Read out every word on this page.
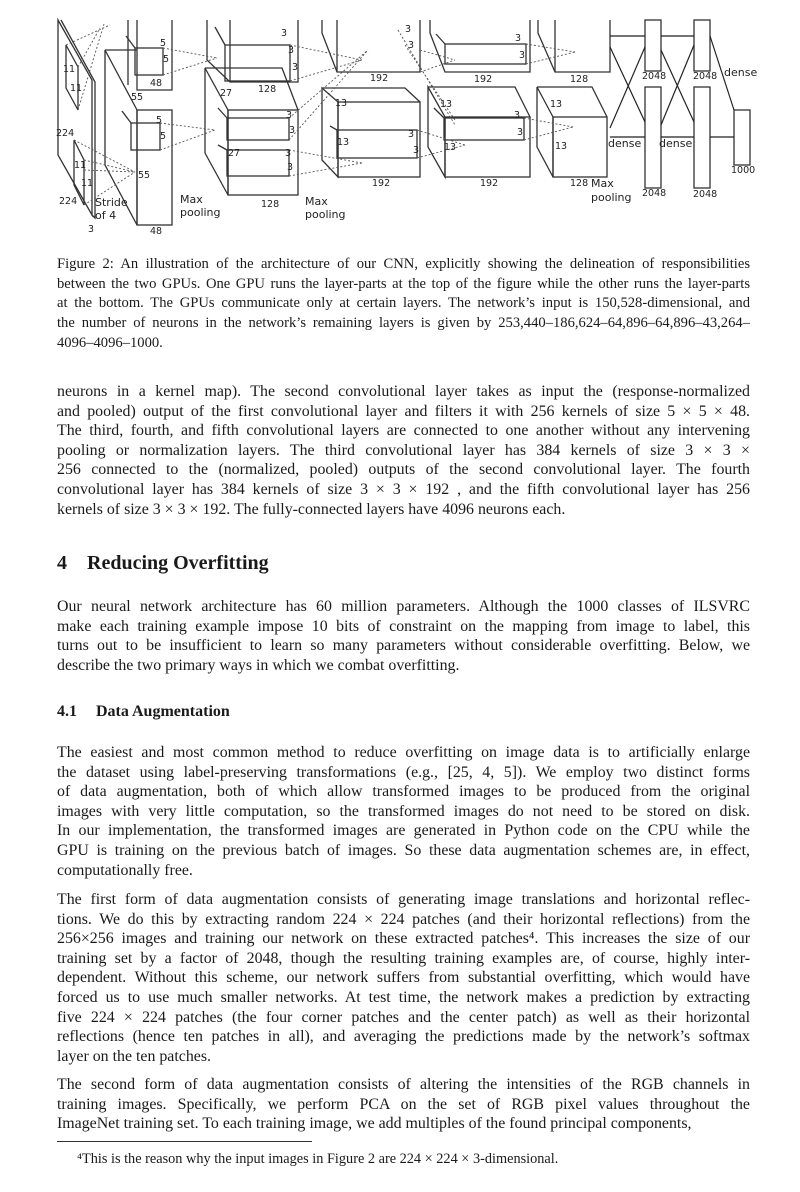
11
11
224
11
11
224 Stride
of 4
3
5
5
48
55
5
5
55
48
Max
pooling
27	128
3
3
3
3
3
27	3
3
128 Max
pooling
3
3
192
13
13
3
3
192
3
3
192	128	2048	2048 dense
13	13
3
3
13	13	dense dense
192	128 Max
pooling
1000
2048	2048
Figure 2: An illustration of the architecture of our CNN, explicitly showing the delineation of responsibilities
between the two GPUs. One GPU runs the layer-parts at the top of the figure while the other runs the layer-parts
at the bottom. The GPUs communicate only at certain layers. The network’s input is 150,528-dimensional, and
the number of neurons in the network’s remaining layers is given by 253,440–186,624–64,896–64,896–43,264–
4096–4096–1000.
neurons in a kernel map). The second convolutional layer takes as input the (response-normalized
and pooled) output of the first convolutional layer and filters it with 256 kernels of size 5 × 5 × 48.
The third, fourth, and fifth convolutional layers are connected to one another without any intervening
pooling or normalization layers. The third convolutional layer has 384 kernels of size 3 × 3 ×
256 connected to the (normalized, pooled) outputs of the second convolutional layer. The fourth
convolutional layer has 384 kernels of size 3 × 3 × 192 , and the fifth convolutional layer has 256
kernels of size 3 × 3 × 192. The fully-connected layers have 4096 neurons each.
4 Reducing Overfitting
Our neural network architecture has 60 million parameters. Although the 1000 classes of ILSVRC
make each training example impose 10 bits of constraint on the mapping from image to label, this
turns out to be insufficient to learn so many parameters without considerable overfitting. Below, we
describe the two primary ways in which we combat overfitting.
4.1 Data Augmentation
The easiest and most common method to reduce overfitting on image data is to artificially enlarge
the dataset using label-preserving transformations (e.g., [25, 4, 5]). We employ two distinct forms
of data augmentation, both of which allow transformed images to be produced from the original
images with very little computation, so the transformed images do not need to be stored on disk.
In our implementation, the transformed images are generated in Python code on the CPU while the
GPU is training on the previous batch of images. So these data augmentation schemes are, in effect,
computationally free.
The first form of data augmentation consists of generating image translations and horizontal reflec-
tions. We do this by extracting random 224 × 224 patches (and their horizontal reflections) from the
256×256 images and training our network on these extracted patches⁴. This increases the size of our
training set by a factor of 2048, though the resulting training examples are, of course, highly inter-
dependent. Without this scheme, our network suffers from substantial overfitting, which would have
forced us to use much smaller networks. At test time, the network makes a prediction by extracting
five 224 × 224 patches (the four corner patches and the center patch) as well as their horizontal
reflections (hence ten patches in all), and averaging the predictions made by the network’s softmax
layer on the ten patches.
The second form of data augmentation consists of altering the intensities of the RGB channels in
training images. Specifically, we perform PCA on the set of RGB pixel values throughout the
ImageNet training set. To each training image, we add multiples of the found principal components,
⁴This is the reason why the input images in Figure 2 are 224 × 224 × 3-dimensional.
